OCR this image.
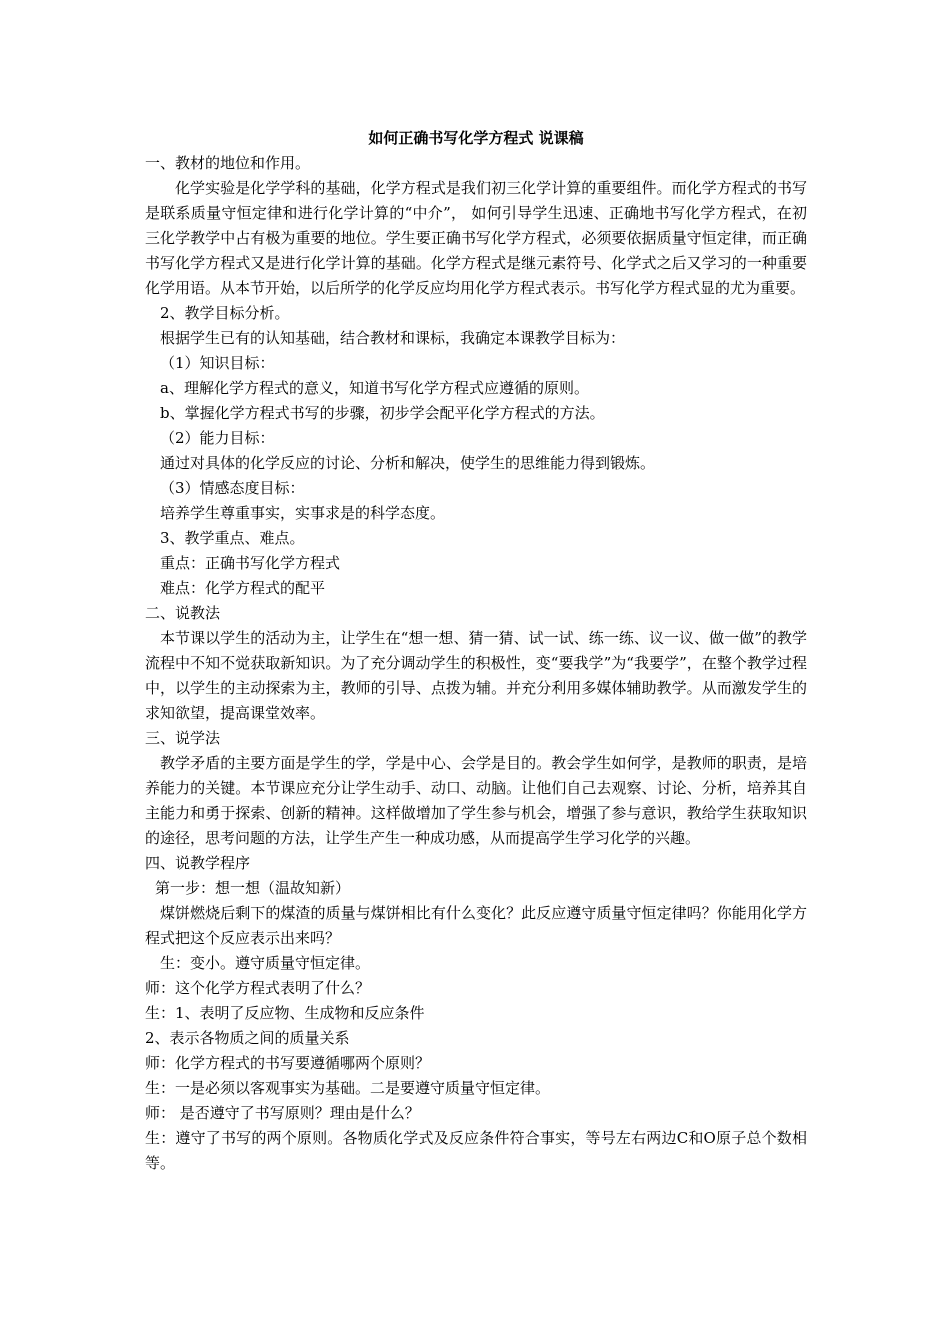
如何正确书写化学方程式 说课稿

一、教材的地位和作用。

化学实验是化学学科的基础，化学方程式是我们初三化学计算的重要组件。而化学方程式的书写是联系质量守恒定律和进行化学计算的“中介”， 如何引导学生迅速、正确地书写化学方程式，在初三化学教学中占有极为重要的地位。学生要正确书写化学方程式，必须要依据质量守恒定律，而正确书写化学方程式又是进行化学计算的基础。化学方程式是继元素符号、化学式之后又学习的一种重要化学用语。从本节开始，以后所学的化学反应均用化学方程式表示。书写化学方程式显的尤为重要。

2、教学目标分析。

根据学生已有的认知基础，结合教材和课标，我确定本课教学目标为：

（1）知识目标：

a、理解化学方程式的意义，知道书写化学方程式应遵循的原则。

b、掌握化学方程式书写的步骤，初步学会配平化学方程式的方法。

（2）能力目标：

通过对具体的化学反应的讨论、分析和解决，使学生的思维能力得到锻炼。

（3）情感态度目标：

培养学生尊重事实，实事求是的科学态度。

3、教学重点、难点。

重点：正确书写化学方程式

难点：化学方程式的配平

二、说教法

本节课以学生的活动为主，让学生在“想一想、猜一猜、试一试、练一练、议一议、做一做”的教学流程中不知不觉获取新知识。为了充分调动学生的积极性，变“要我学”为“我要学”，在整个教学过程中，以学生的主动探索为主，教师的引导、点拨为辅。并充分利用多媒体辅助教学。从而激发学生的求知欲望，提高课堂效率。

三、说学法

教学矛盾的主要方面是学生的学，学是中心、会学是目的。教会学生如何学，是教师的职责，是培养能力的关键。本节课应充分让学生动手、动口、动脑。让他们自己去观察、讨论、分析，培养其自主能力和勇于探索、创新的精神。这样做增加了学生参与机会，增强了参与意识，教给学生获取知识的途径，思考问题的方法，让学生产生一种成功感，从而提高学生学习化学的兴趣。

四、说教学程序

第一步：想一想（温故知新）

煤饼燃烧后剩下的煤渣的质量与煤饼相比有什么变化？此反应遵守质量守恒定律吗？你能用化学方程式把这个反应表示出来吗？

生：变小。遵守质量守恒定律。

师：这个化学方程式表明了什么？

生：1、表明了反应物、生成物和反应条件

2、表示各物质之间的质量关系

师：化学方程式的书写要遵循哪两个原则？

生：一是必须以客观事实为基础。二是要遵守质量守恒定律。

师： 是否遵守了书写原则？理由是什么？

生：遵守了书写的两个原则。各物质化学式及反应条件符合事实，等号左右两边C和O原子总个数相等。
